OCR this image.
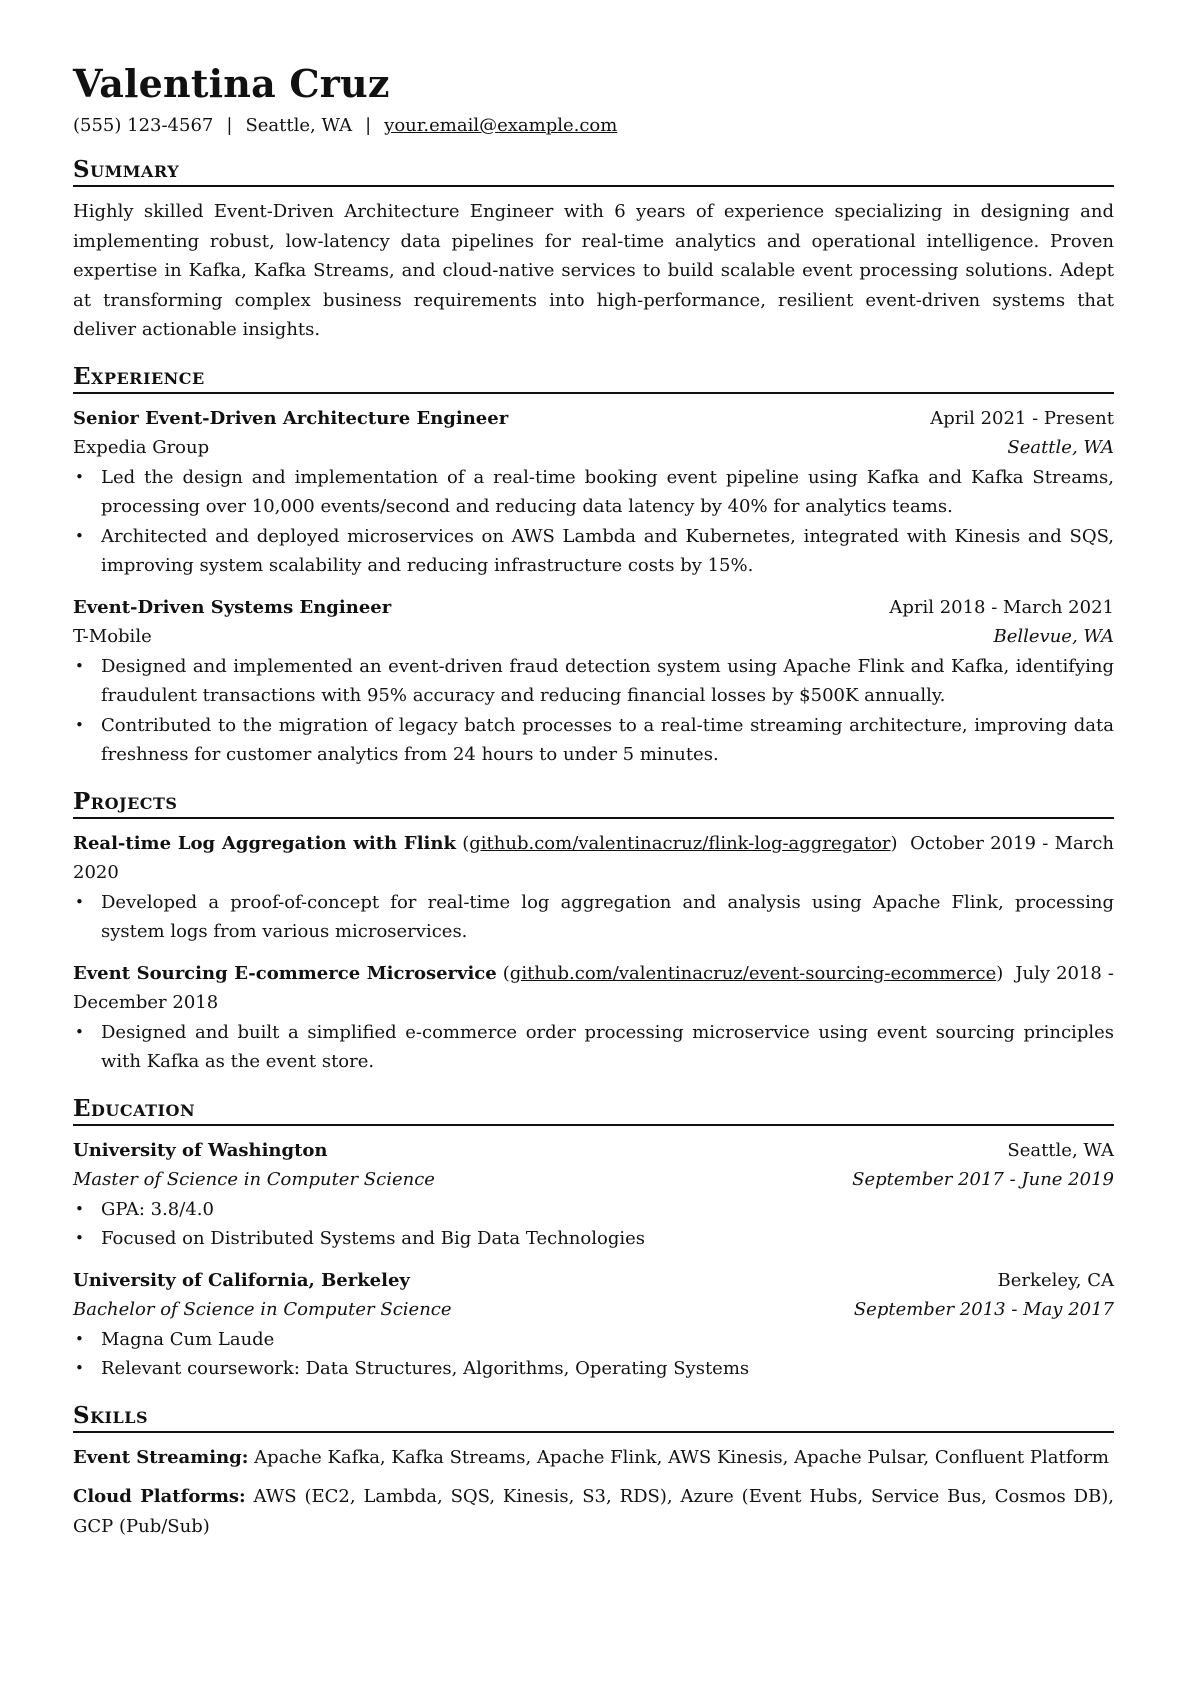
Valentina Cruz
(555) 123-4567 | Seattle, WA | your.email@example.com
Summary
Highly skilled Event-Driven Architecture Engineer with 6 years of experience specializing in designing and implementing robust, low-latency data pipelines for real-time analytics and operational intelligence. Proven expertise in Kafka, Kafka Streams, and cloud-native services to build scalable event processing solutions. Adept at transforming complex business requirements into high-performance, resilient event-driven systems that deliver actionable insights.
Experience
Senior Event-Driven Architecture Engineer	April 2021 - Present
Expedia Group	Seattle, WA
• Led the design and implementation of a real-time booking event pipeline using Kafka and Kafka Streams, processing over 10,000 events/second and reducing data latency by 40% for analytics teams.
• Architected and deployed microservices on AWS Lambda and Kubernetes, integrated with Kinesis and SQS, improving system scalability and reducing infrastructure costs by 15%.
Event-Driven Systems Engineer	April 2018 - March 2021
T-Mobile	Bellevue, WA
• Designed and implemented an event-driven fraud detection system using Apache Flink and Kafka, identifying fraudulent transactions with 95% accuracy and reducing financial losses by $500K annually.
• Contributed to the migration of legacy batch processes to a real-time streaming architecture, improving data freshness for customer analytics from 24 hours to under 5 minutes.
Projects
Real-time Log Aggregation with Flink (github.com/valentinacruz/flink-log-aggregator)  October 2019 - March 2020
• Developed a proof-of-concept for real-time log aggregation and analysis using Apache Flink, processing system logs from various microservices.
Event Sourcing E-commerce Microservice (github.com/valentinacruz/event-sourcing-ecommerce)  July 2018 - December 2018
• Designed and built a simplified e-commerce order processing microservice using event sourcing principles with Kafka as the event store.
Education
University of Washington	Seattle, WA
Master of Science in Computer Science	September 2017 - June 2019
• GPA: 3.8/4.0
• Focused on Distributed Systems and Big Data Technologies
University of California, Berkeley	Berkeley, CA
Bachelor of Science in Computer Science	September 2013 - May 2017
• Magna Cum Laude
• Relevant coursework: Data Structures, Algorithms, Operating Systems
Skills
Event Streaming: Apache Kafka, Kafka Streams, Apache Flink, AWS Kinesis, Apache Pulsar, Confluent Platform
Cloud Platforms: AWS (EC2, Lambda, SQS, Kinesis, S3, RDS), Azure (Event Hubs, Service Bus, Cosmos DB), GCP (Pub/Sub)
